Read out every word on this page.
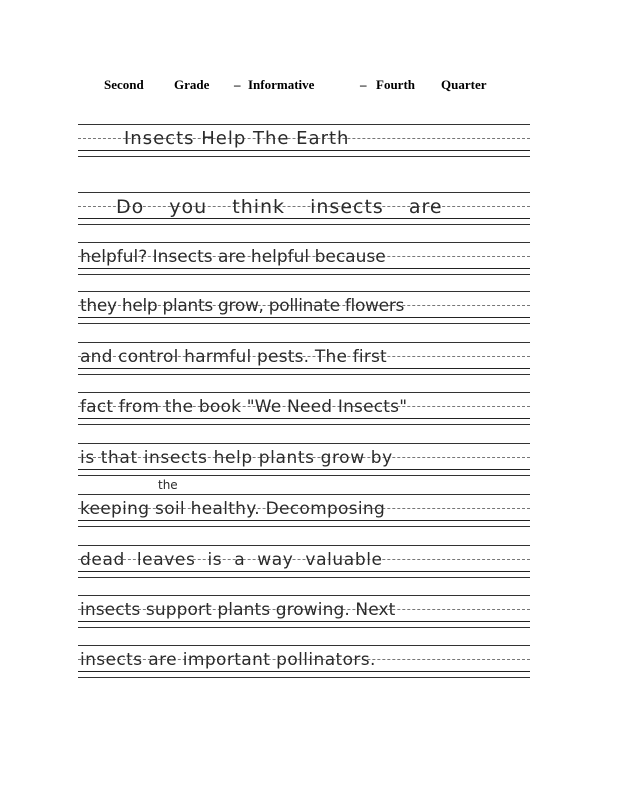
Second Grade – Informative	– Fourth Quarter
Insects Help The Earth
Do you think insects are
helpful? Insects are helpful because
they help plants grow, pollinate flowers
and control harmful pests. The first
fact from the book "We Need Insects"
is that insects help plants grow by
the
keeping soil healthy. Decomposing
dead leaves is a way valuable
insects support plants growing. Next
insects are important pollinators.
